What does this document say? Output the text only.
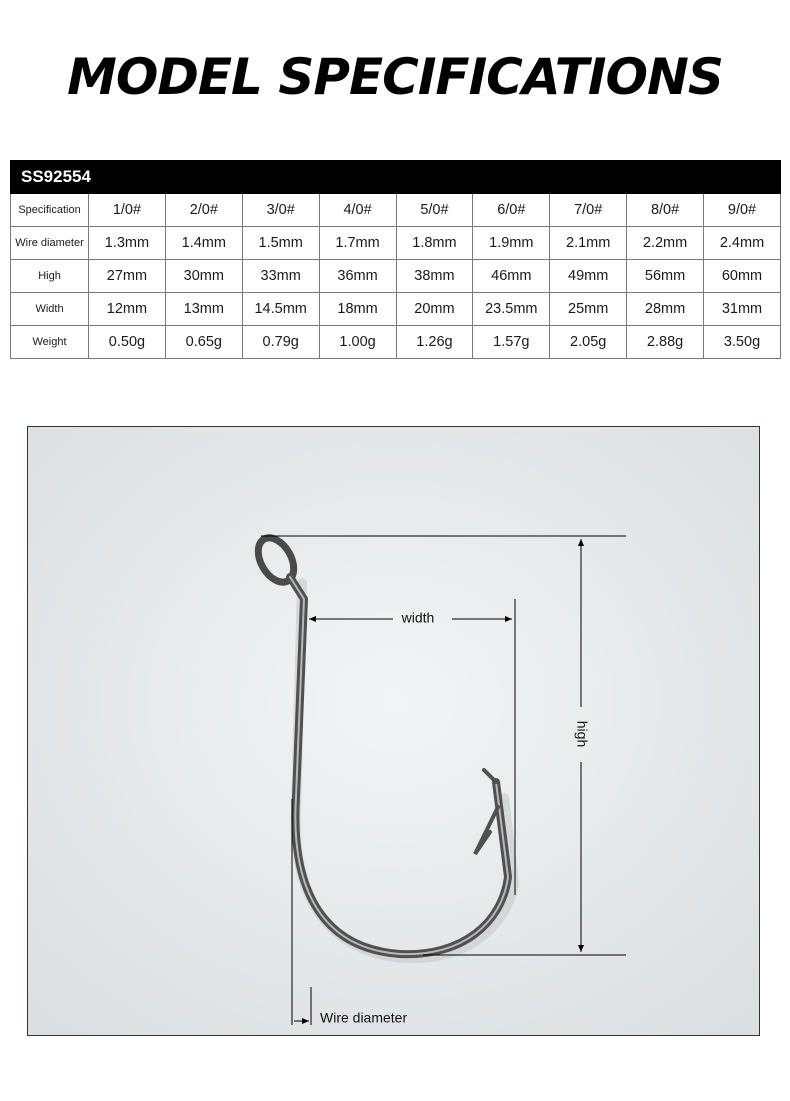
MODEL SPECIFICATIONS
SS92554									
Specification	1/0#	2/0#	3/0#	4/0#	5/0#	6/0#	7/0#	8/0#	9/0#
Wire diameter	1.3mm	1.4mm	1.5mm	1.7mm	1.8mm	1.9mm	2.1mm	2.2mm	2.4mm
High	27mm	30mm	33mm	36mm	38mm	46mm	49mm	56mm	60mm
Width	12mm	13mm	14.5mm	18mm	20mm	23.5mm	25mm	28mm	31mm
Weight	0.50g	0.65g	0.79g	1.00g	1.26g	1.57g	2.05g	2.88g	3.50g
high
width
Wire diameter
